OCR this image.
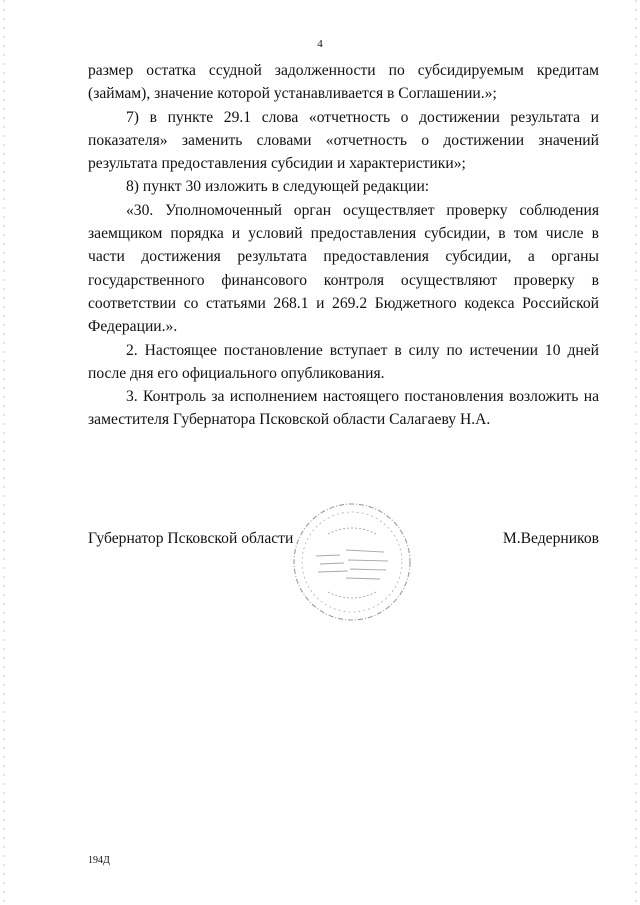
4

размер остатка ссудной задолженности по субсидируемым кредитам (займам), значение которой устанавливается в Соглашении.»;

7) в пункте 29.1 слова «отчетность о достижении результата и показателя» заменить словами «отчетность о достижении значений результата предоставления субсидии и характеристики»;

8) пункт 30 изложить в следующей редакции:

«30. Уполномоченный орган осуществляет проверку соблюдения заемщиком порядка и условий предоставления субсидии, в том числе в части достижения результата предоставления субсидии, а органы государственного финансового контроля осуществляют проверку в соответствии со статьями 268.1 и 269.2 Бюджетного кодекса Российской Федерации.».

2. Настоящее постановление вступает в силу по истечении 10 дней после дня его официального опубликования.

3. Контроль за исполнением настоящего постановления возложить на заместителя Губернатора Псковской области Салагаеву Н.А.

Губернатор Псковской области	М.Ведерников
194Д
